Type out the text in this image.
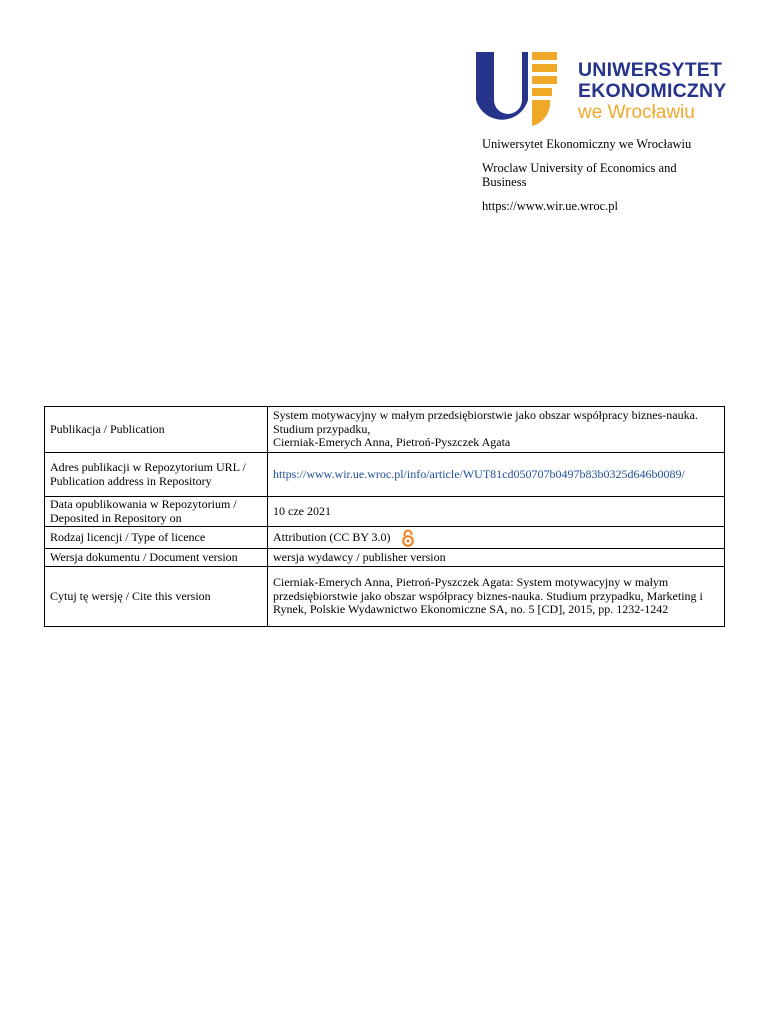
UNIWERSYTET
EKONOMICZNY
we Wrocławiu

Uniwersytet Ekonomiczny we Wrocławiu

Wroclaw University of Economics and Business

https://www.wir.ue.wroc.pl

Publikacja / Publication	System motywacyjny w małym przedsiębiorstwie jako obszar współpracy biznes-nauka. Studium przypadku,
Cierniak-Emerych Anna, Pietroń-Pyszczek Agata

Adres publikacji w Repozytorium URL / Publication address in Repository	https://www.wir.ue.wroc.pl/info/article/WUT81cd050707b0497b83b0325d646b0089/
Data opublikowania w Repozytorium / Deposited in Repository on	10 cze 2021
Rodzaj licencji / Type of licence	Attribution (CC BY 3.0)

Wersja dokumentu / Document version	wersja wydawcy / publisher version
Cytuj tę wersję / Cite this version	Cierniak-Emerych Anna, Pietroń-Pyszczek Agata: System motywacyjny w małym przedsiębiorstwie jako obszar współpracy biznes-nauka. Studium przypadku, Marketing i Rynek, Polskie Wydawnictwo Ekonomiczne SA, no. 5 [CD], 2015, pp. 1232-1242
